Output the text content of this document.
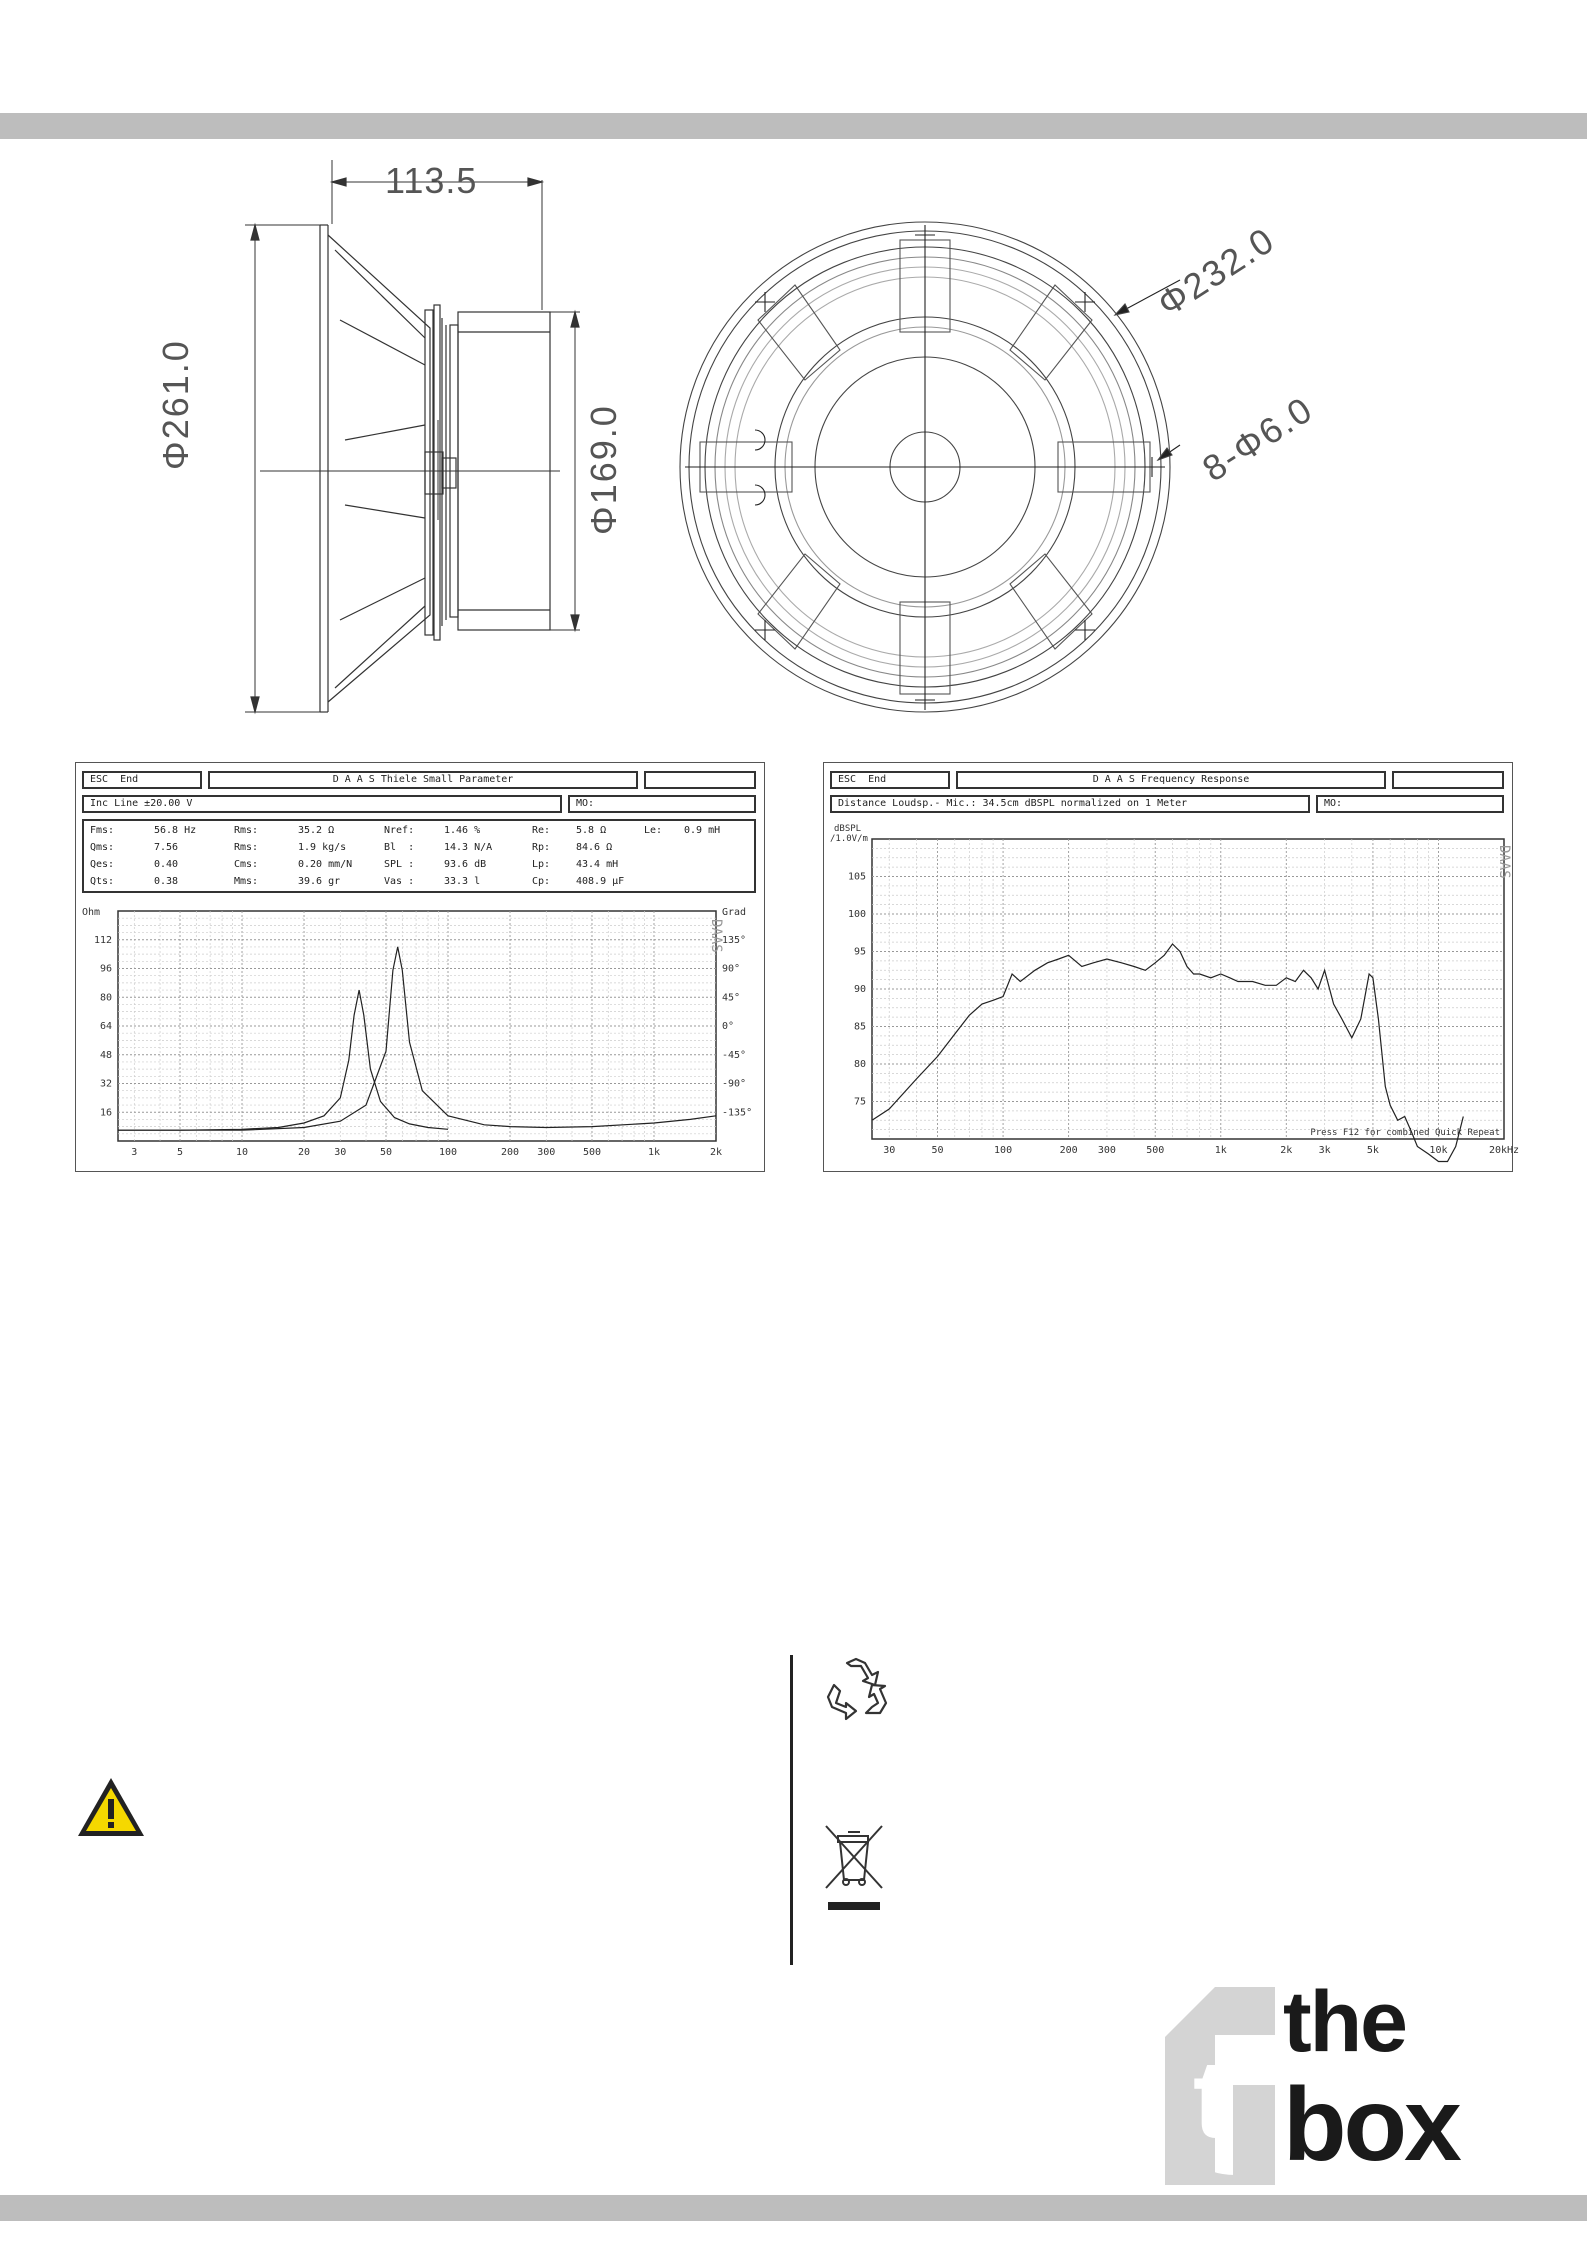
113.5
Φ261.0	Φ169.0
Φ232.0
8-Φ6.0
ESC End	D A A S Thiele Small Parameter
Inc Line ±20.00 V	MO:
Fms:	56.8 Hz	Rms:	35.2 Ω	Nref:	1.46 %	Re:	5.8 Ω	Le: 0.9 mH
Qms:	7.56	Rms:	1.9 kg/s	Bl  :	14.3 N/A	Rp:	84.6 Ω
Qes:	0.40	Cms:	0.20 mm/N	SPL :	93.6 dB	Lp:	43.4 mH
Qts:	0.38	Mms:	39.6 gr	Vas :	33.3 l	Cp:	408.9 µF
3	5	10	20 30	50	100	200 300	500	1k	2k
16
32
48
64
80
96
112
-135°
-90°
-45°
0°
45°
90°
135°
Ohm	Grad
DAAS
ESC End	D A A S Frequency Response
Distance Loudsp.- Mic.: 34.5cm dBSPL normalized on 1 Meter	MO:
30	50	100	200 300	500	1k	2k	3k	5k	10k	20kHz
75
80
85
90
95
100
105
dBSPL
/1.0V/m
Press F12 for combined Quick Repeat
DAAS
t
the
box
